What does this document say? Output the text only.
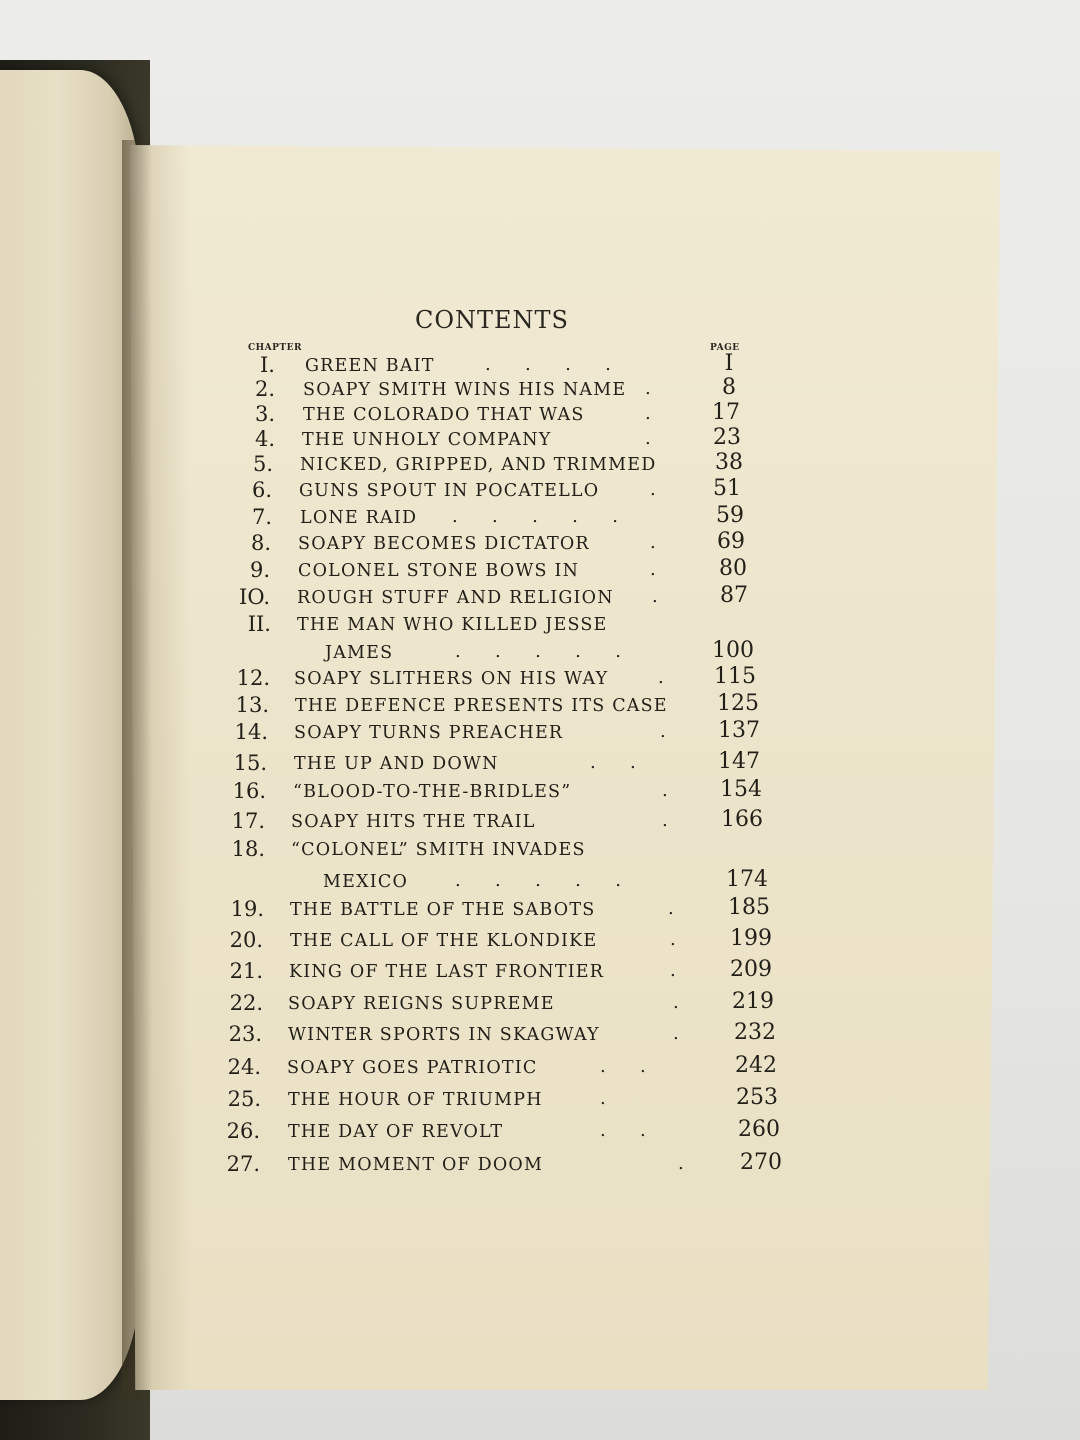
CONTENTS
CHAPTER	PAGE
I. GREEN BAIT	.      .      .      .	I
2. SOAPY SMITH WINS HIS NAME .	8
3. THE COLORADO THAT WAS	.	17
4. THE UNHOLY COMPANY	.	23
5. NICKED, GRIPPED, AND TRIMMED	38
6. GUNS SPOUT IN POCATELLO	.	51
7. LONE RAID .      .      .      .      .	59
8. SOAPY BECOMES DICTATOR	.	69
9. COLONEL STONE BOWS IN	.	80
IO. ROUGH STUFF AND RELIGION .	87
II. THE MAN WHO KILLED JESSE
JAMES	.      .      .      .      .	100
12. SOAPY SLITHERS ON HIS WAY	.	115
13. THE DEFENCE PRESENTS ITS CASE	125
14. SOAPY TURNS PREACHER	.	137
15. THE UP AND DOWN	.      .	147
16. “BLOOD-TO-THE-BRIDLES”	.	154
17. SOAPY HITS THE TRAIL	.	166
18. “COLONEL” SMITH INVADES
MEXICO	.      .      .      .      .	174
19. THE BATTLE OF THE SABOTS	.	185
20. THE CALL OF THE KLONDIKE	.	199
21. KING OF THE LAST FRONTIER	.	209
22. SOAPY REIGNS SUPREME	.	219
23. WINTER SPORTS IN SKAGWAY	.	232
24. SOAPY GOES PATRIOTIC	.      .	242
25. THE HOUR OF TRIUMPH	.	253
26. THE DAY OF REVOLT	.      .	260
27. THE MOMENT OF DOOM	.	270
